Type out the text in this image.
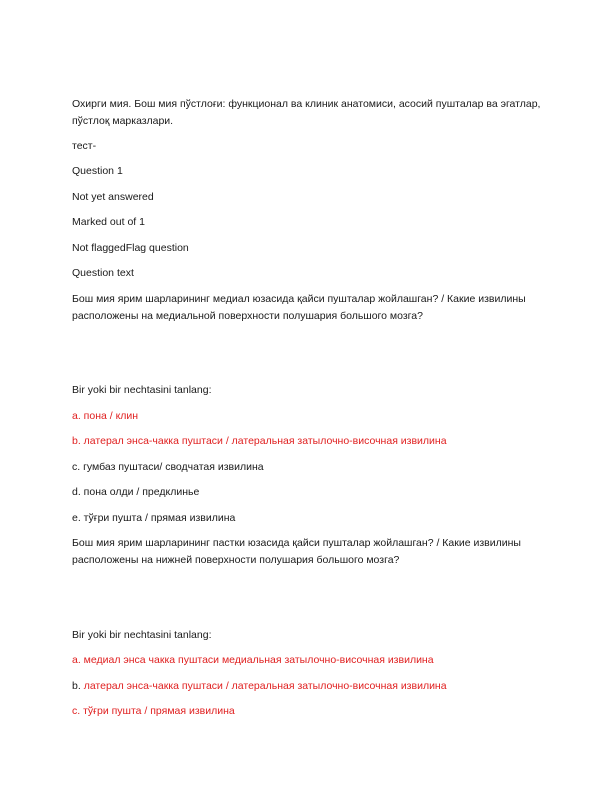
Охирги мия. Бош мия пўстлоғи: функционал ва клиник анатомиси, асосий пушталар ва эгатлар, пўстлоқ марказлари.
тест-
Question 1
Not yet answered
Marked out of 1
Not flaggedFlag question
Question text
Бош мия ярим шарларининг медиал юзасида қайси пушталар жойлашган? / Какие извилины расположены на медиальной поверхности полушария большого мозга?
Bir yoki bir nechtasini tanlang:
a. пона / клин
b. латерал энса-чакка пуштаси / латеральная затылочно-височная извилина
c. гумбаз пуштаси/ сводчатая извилина
d. пона олди / предклинье
e. тўғри пушта / прямая извилина
Бош мия ярим шарларининг пастки юзасида қайси пушталар жойлашган? / Какие извилины расположены на нижней поверхности полушария большого мозга?
Bir yoki bir nechtasini tanlang:
a. медиал энса чакка пуштаси медиальная затылочно-височная извилина
b. латерал энса-чакка пуштаси / латеральная затылочно-височная извилина
c. тўғри пушта / прямая извилина
